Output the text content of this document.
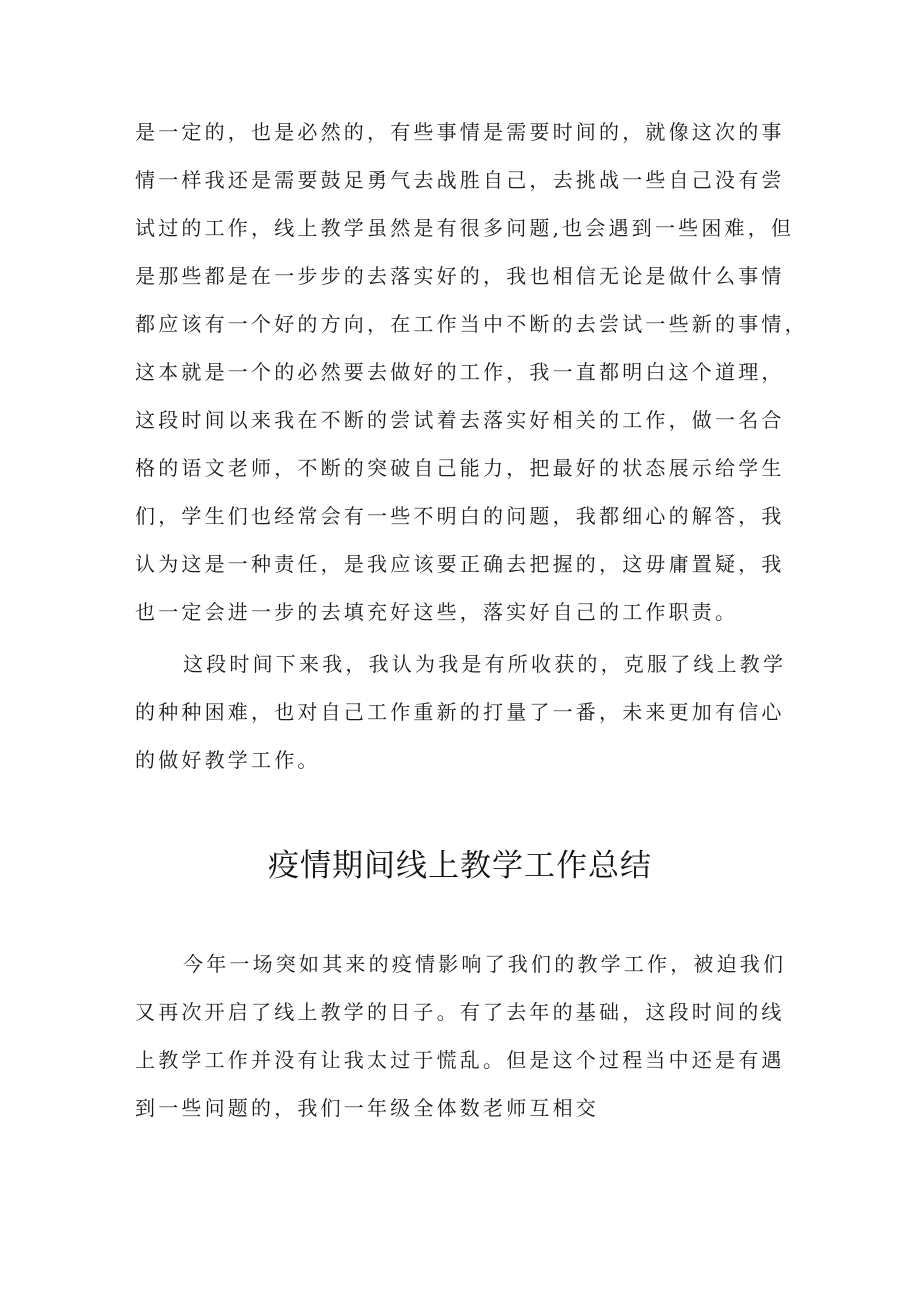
是一定的，也是必然的，有些事情是需要时间的，就像这次的事
情一样我还是需要鼓足勇气去战胜自己，去挑战一些自己没有尝
试过的工作，线上教学虽然是有很多问题,也会遇到一些困难，但
是那些都是在一步步的去落实好的，我也相信无论是做什么事情
都应该有一个好的方向，在工作当中不断的去尝试一些新的事情，
这本就是一个的必然要去做好的工作，我一直都明白这个道理，
这段时间以来我在不断的尝试着去落实好相关的工作，做一名合
格的语文老师，不断的突破自己能力，把最好的状态展示给学生
们，学生们也经常会有一些不明白的问题，我都细心的解答，我
认为这是一种责任，是我应该要正确去把握的，这毋庸置疑，我
也一定会进一步的去填充好这些，落实好自己的工作职责。
这段时间下来我，我认为我是有所收获的，克服了线上教学
的种种困难，也对自己工作重新的打量了一番，未来更加有信心
的做好教学工作。
疫情期间线上教学工作总结
今年一场突如其来的疫情影响了我们的教学工作，被迫我们
又再次开启了线上教学的日子。有了去年的基础，这段时间的线
上教学工作并没有让我太过于慌乱。但是这个过程当中还是有遇
到一些问题的，我们一年级全体数老师互相交
